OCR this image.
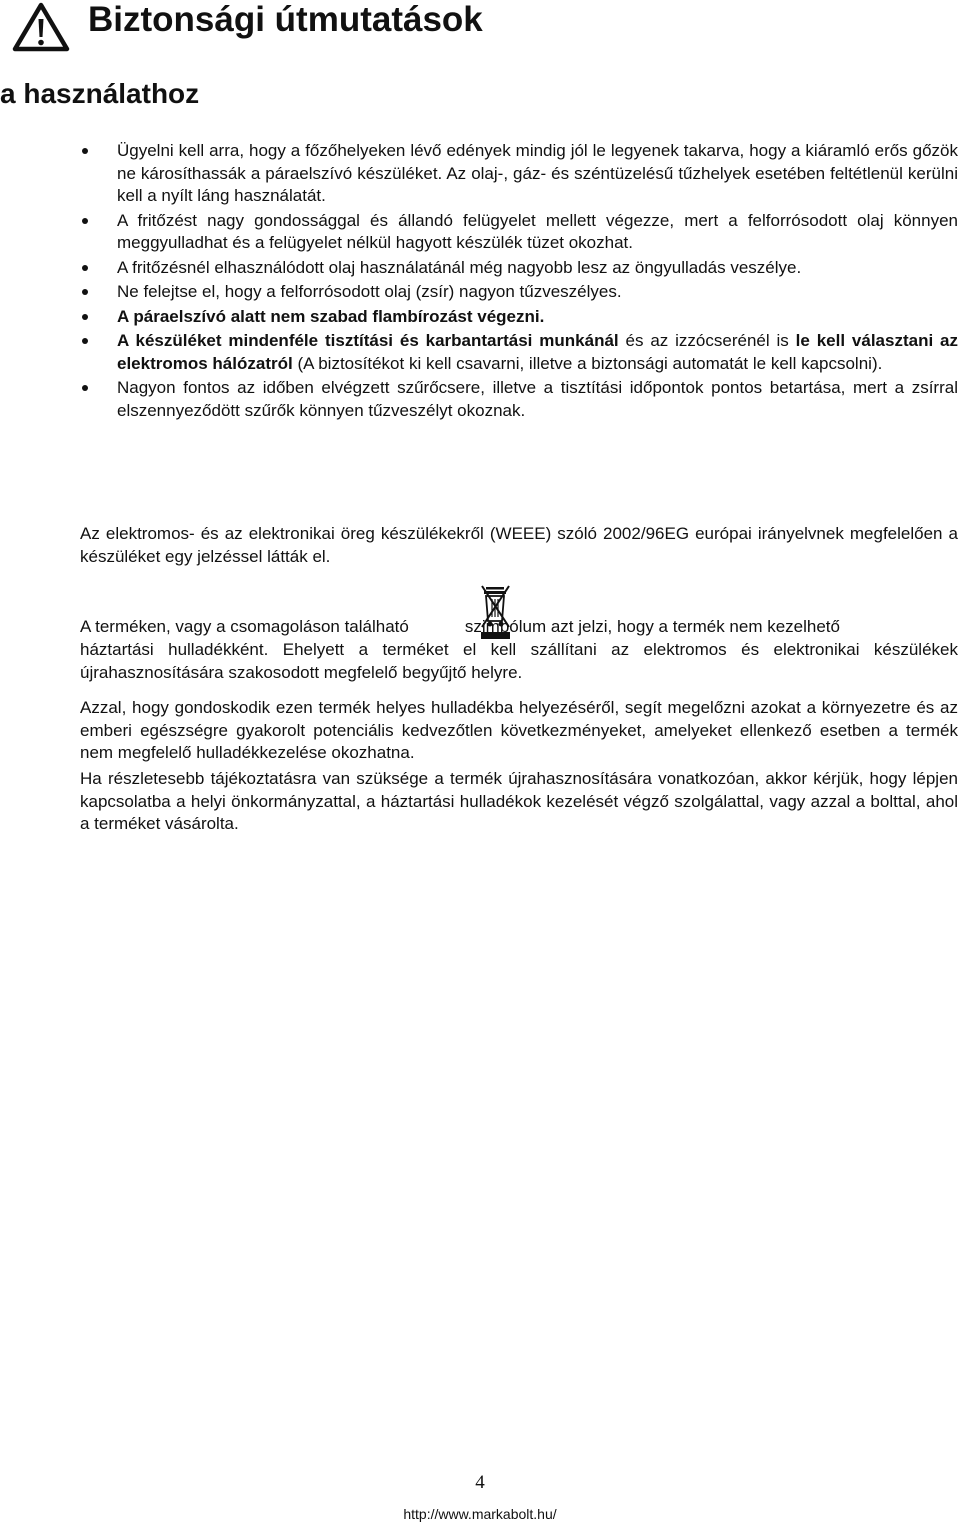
Biztonsági útmutatások
a használathoz
Ügyelni kell arra, hogy a főzőhelyeken lévő edények mindig jól le legyenek takarva, hogy a kiáramló erős gőzök ne károsíthassák a páraelszívó készüléket. Az olaj-, gáz- és széntüzelésű tűzhelyek esetében feltétlenül kerülni kell a nyílt láng használatát.
A fritőzést nagy gondossággal és állandó felügyelet mellett végezze, mert a felforrósodott olaj könnyen meggyulladhat és a felügyelet nélkül hagyott készülék tüzet okozhat.
A fritőzésnél elhasználódott olaj használatánál még nagyobb lesz az öngyulladás veszélye.
Ne felejtse el, hogy a felforrósodott olaj (zsír) nagyon tűzveszélyes.
A páraelszívó alatt nem szabad flambírozást végezni.
A készüléket mindenféle tisztítási és karbantartási munkánál és az izzócserénél is le kell választani az elektromos hálózatról (A biztosítékot ki kell csavarni, illetve a biztonsági automatát le kell kapcsolni).
Nagyon fontos az időben elvégzett szűrőcsere, illetve a tisztítási időpontok pontos betartása, mert a zsírral elszennyeződött szűrők könnyen tűzveszélyt okoznak.

Az elektromos- és az elektronikai öreg készülékekről (WEEE) szóló 2002/96EG európai irányelvnek megfelelően a készüléket egy jelzéssel látták el.

A terméken, vagy a csomagoláson található	szimbólum azt jelzi, hogy a termék nem kezelhető

háztartási hulladékként. Ehelyett a terméket el kell szállítani az elektromos és elektronikai készülékek újrahasznosítására szakosodott megfelelő begyűjtő helyre.

Azzal, hogy gondoskodik ezen termék helyes hulladékba helyezéséről, segít megelőzni azokat a környezetre és az emberi egészségre gyakorolt potenciális kedvezőtlen következményeket, amelyeket ellenkező esetben a termék nem megfelelő hulladékkezelése okozhatna.

Ha részletesebb tájékoztatásra van szüksége a termék újrahasznosítására vonatkozóan, akkor kérjük, hogy lépjen kapcsolatba a helyi önkormányzattal, a háztartási hulladékok kezelését végző szolgálattal, vagy azzal a bolttal, ahol a terméket vásárolta.

4

http://www.markabolt.hu/
